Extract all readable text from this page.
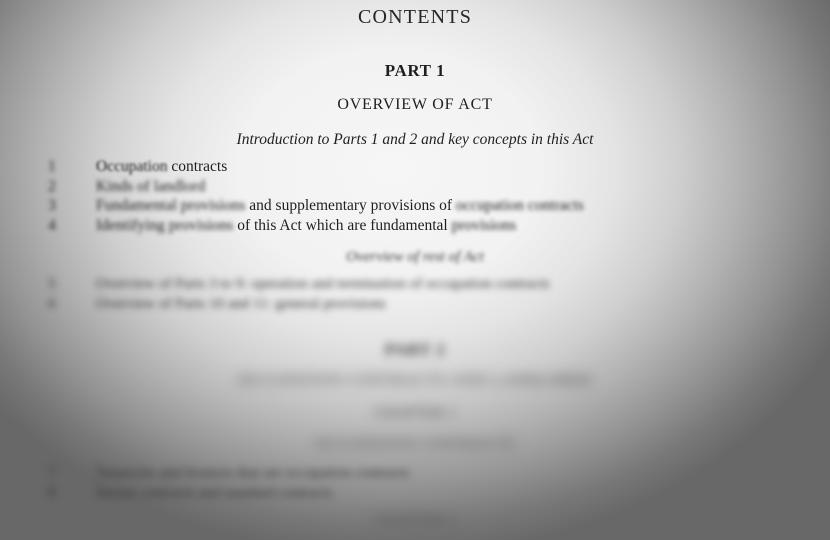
CONTENTS
PART 1
OVERVIEW OF ACT
Introduction to Parts 1 and 2 and key concepts in this Act
1	Occupation contracts
2	Kinds of landlord
3	Fundamental provisions and supplementary provisions of occupation contracts
4	Identifying provisions of this Act which are fundamental provisions
Overview of rest of Act
5	Overview of Parts 3 to 9: operation and termination of occupation contracts
6	Overview of Parts 10 and 11: general provisions
PART 2
OCCUPATION CONTRACTS AND LANDLORDS
CHAPTER 1
OCCUPATION CONTRACTS
7	Tenancies and licences that are occupation contracts
8	Secure contracts and standard contracts
CHAPTER 2
